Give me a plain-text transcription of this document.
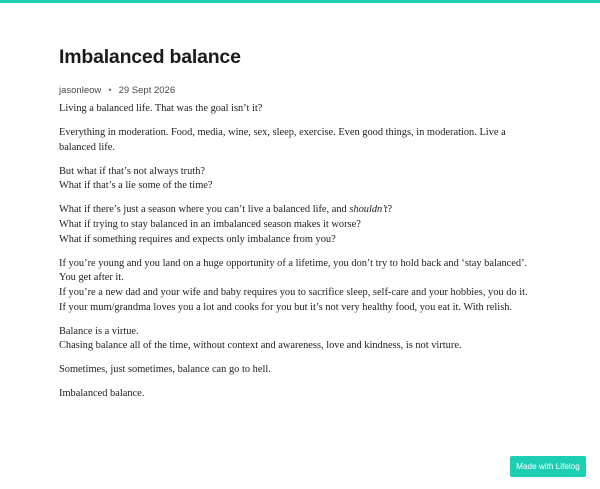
Imbalanced balance
jasonleow • 29 Sept 2026

Living a balanced life. That was the goal isn’t it?

Everything in moderation. Food, media, wine, sex, sleep, exercise. Even good things, in moderation. Live a balanced life.

But what if that’s not always truth?
What if that’s a lie some of the time?

What if there’s just a season where you can’t live a balanced life, and shouldn’t?
What if trying to stay balanced in an imbalanced season makes it worse?
What if something requires and expects only imbalance from you?

If you’re young and you land on a huge opportunity of a lifetime, you don’t try to hold back and ‘stay balanced’. You get after it.
If you’re a new dad and your wife and baby requires you to sacrifice sleep, self-care and your hobbies, you do it.
If your mum/grandma loves you a lot and cooks for you but it’s not very healthy food, you eat it. With relish.

Balance is a virtue.
Chasing balance all of the time, without context and awareness, love and kindness, is not virture.

Sometimes, just sometimes, balance can go to hell.

Imbalanced balance.

Made with Lifelog
